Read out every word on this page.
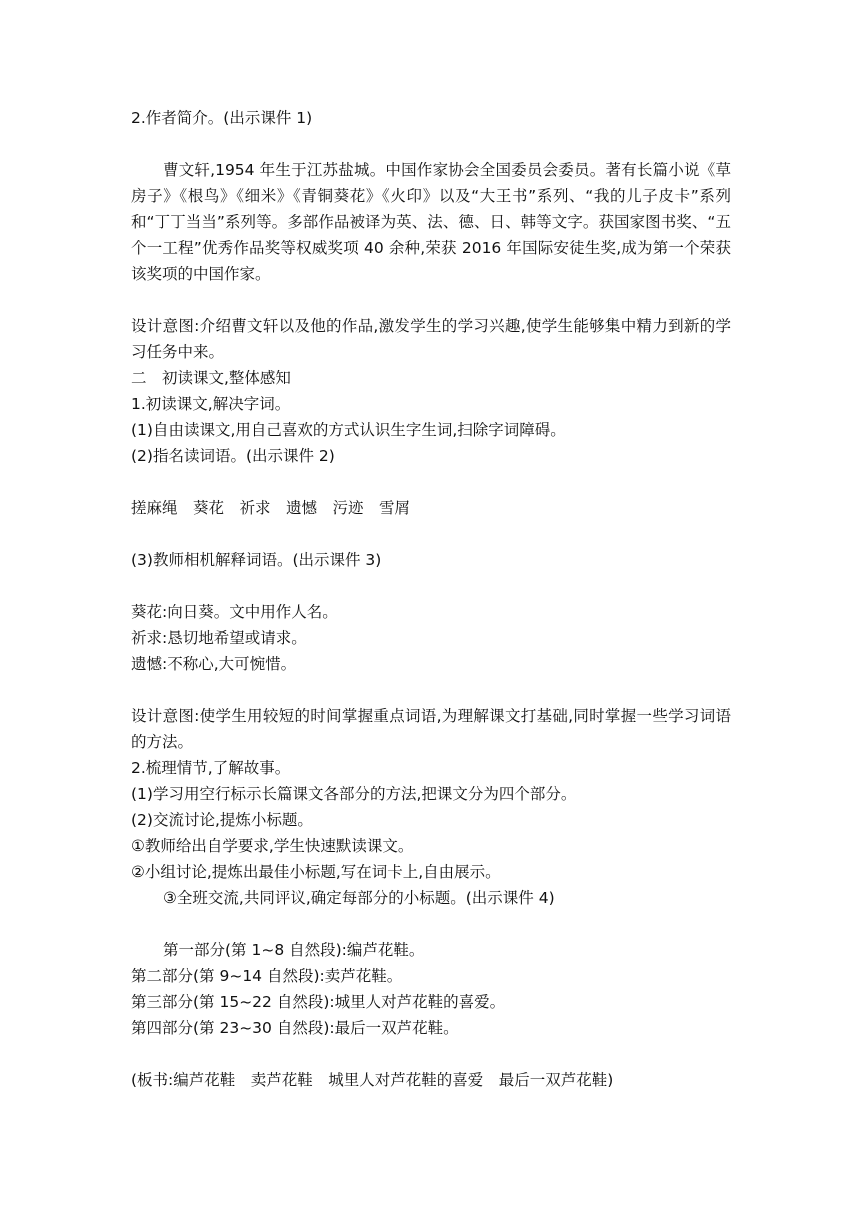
2.作者简介。(出示课件 1)
曹文轩,1954 年生于江苏盐城。中国作家协会全国委员会委员。著有长篇小说《草房子》《根鸟》《细米》《青铜葵花》《火印》以及“大王书”系列、“我的儿子皮卡”系列和“丁丁当当”系列等。多部作品被译为英、法、德、日、韩等文字。获国家图书奖、“五个一工程”优秀作品奖等权威奖项 40 余种,荣获 2016 年国际安徒生奖,成为第一个荣获该奖项的中国作家。
设计意图:介绍曹文轩以及他的作品,激发学生的学习兴趣,使学生能够集中精力到新的学习任务中来。
二　初读课文,整体感知
1.初读课文,解决字词。
(1)自由读课文,用自己喜欢的方式认识生字生词,扫除字词障碍。
(2)指名读词语。(出示课件 2)
搓麻绳　葵花　祈求　遗憾　污迹　雪屑
(3)教师相机解释词语。(出示课件 3)
葵花:向日葵。文中用作人名。
祈求:恳切地希望或请求。
遗憾:不称心,大可惋惜。
设计意图:使学生用较短的时间掌握重点词语,为理解课文打基础,同时掌握一些学习词语的方法。
2.梳理情节,了解故事。
(1)学习用空行标示长篇课文各部分的方法,把课文分为四个部分。
(2)交流讨论,提炼小标题。
①教师给出自学要求,学生快速默读课文。
②小组讨论,提炼出最佳小标题,写在词卡上,自由展示。
③全班交流,共同评议,确定每部分的小标题。(出示课件 4)
第一部分(第 1~8 自然段):编芦花鞋。
第二部分(第 9~14 自然段):卖芦花鞋。
第三部分(第 15~22 自然段):城里人对芦花鞋的喜爱。
第四部分(第 23~30 自然段):最后一双芦花鞋。
(板书:编芦花鞋　卖芦花鞋　城里人对芦花鞋的喜爱　最后一双芦花鞋)
